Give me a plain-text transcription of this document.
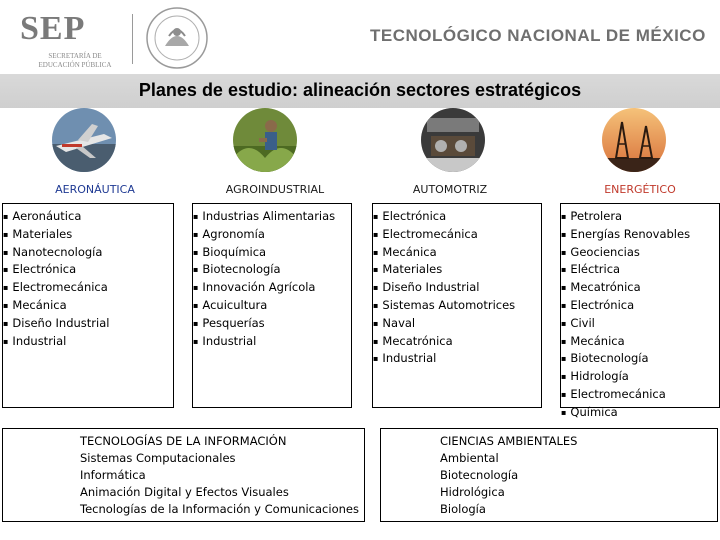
SEP
SECRETARÍA DE
EDUCACIÓN PÚBLICA
TECNOLÓGICO NACIONAL DE MÉXICO
Planes de estudio: alineación sectores estratégicos
AERONÁUTICA	AGROINDUSTRIAL	AUTOMOTRIZ	ENERGÉTICO
▪ Aeronáutica
▪ Materiales
▪ Nanotecnología
▪ Electrónica
▪ Electromecánica
▪ Mecánica
▪ Diseño Industrial
▪ Industrial
▪ Industrias Alimentarias
▪ Agronomía
▪ Bioquímica
▪ Biotecnología
▪ Innovación Agrícola
▪ Acuicultura
▪ Pesquerías
▪ Industrial
▪ Electrónica
▪ Electromecánica
▪ Mecánica
▪ Materiales
▪ Diseño Industrial
▪ Sistemas Automotrices
▪ Naval
▪ Mecatrónica
▪ Industrial
▪ Petrolera
▪ Energías Renovables
▪ Geociencias
▪ Eléctrica
▪ Mecatrónica
▪ Electrónica
▪ Civil
▪ Mecánica
▪ Biotecnología
▪ Hidrología
▪ Electromecánica
▪ Química
TECNOLOGÍAS DE LA INFORMACIÓN
Sistemas Computacionales
Informática
Animación Digital y Efectos Visuales
Tecnologías de la Información y Comunicaciones
CIENCIAS AMBIENTALES
Ambiental
Biotecnología
Hidrológica
Biología
